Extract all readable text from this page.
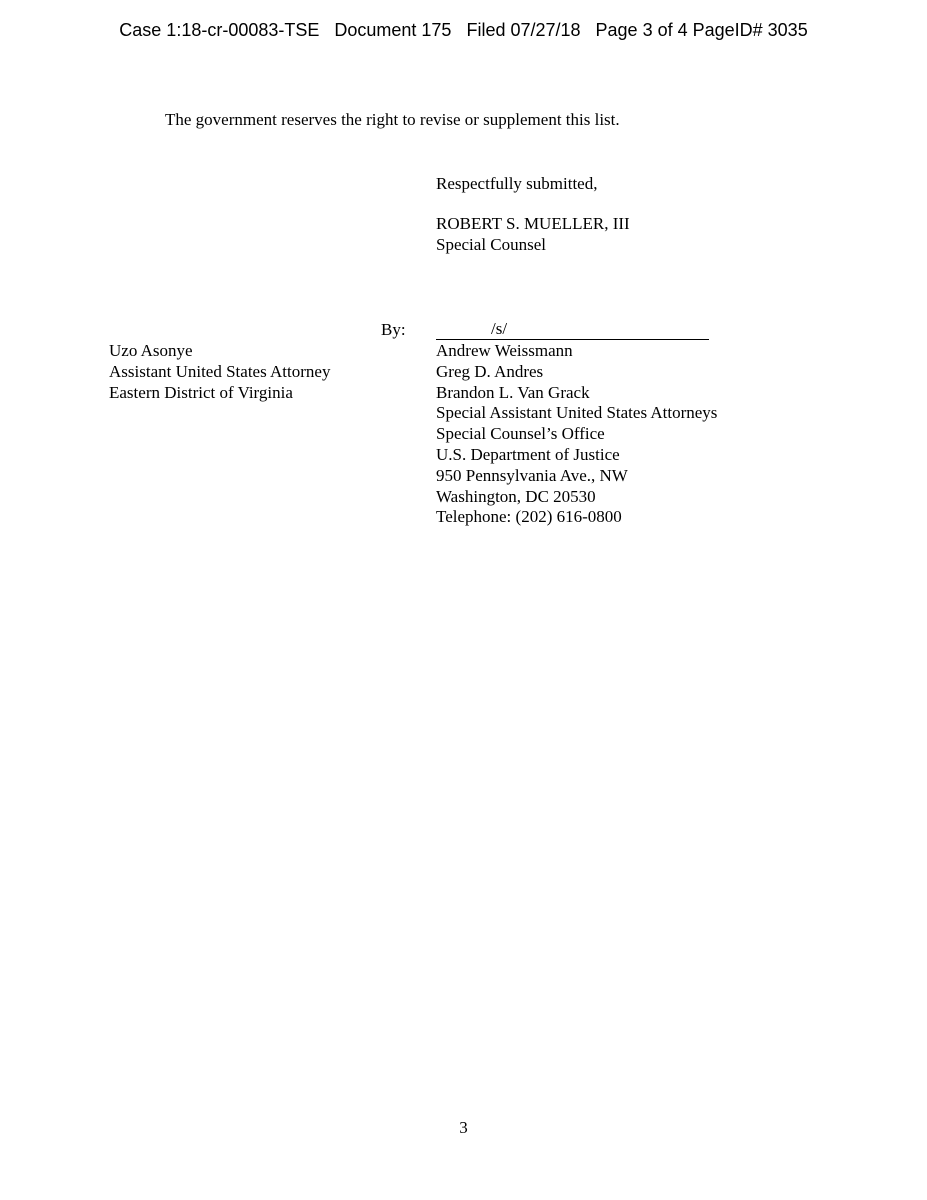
Case 1:18-cr-00083-TSE   Document 175   Filed 07/27/18   Page 3 of 4 PageID# 3035
The government reserves the right to revise or supplement this list.
Respectfully submitted,
ROBERT S. MUELLER, III
Special Counsel
By:	/s/
Uzo Asonye
Assistant United States Attorney
Eastern District of Virginia
Andrew Weissmann
Greg D. Andres
Brandon L. Van Grack
Special Assistant United States Attorneys
Special Counsel’s Office
U.S. Department of Justice
950 Pennsylvania Ave., NW
Washington, DC 20530
Telephone: (202) 616-0800
3
